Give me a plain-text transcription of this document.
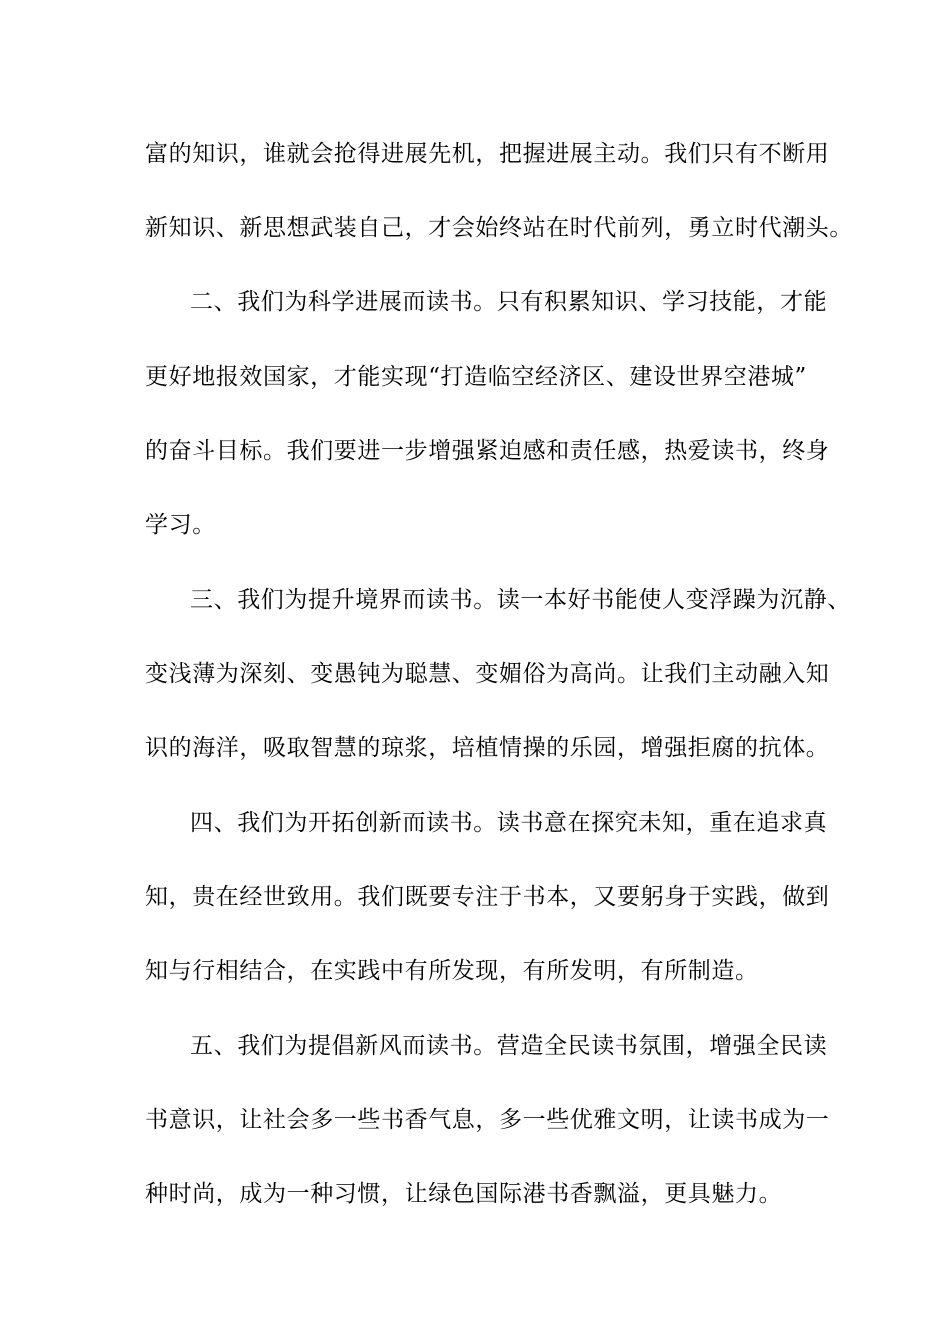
富的知识，谁就会抢得进展先机，把握进展主动。我们只有不断用
新知识、新思想武装自己，才会始终站在时代前列，勇立时代潮头。
二、我们为科学进展而读书。只有积累知识、学习技能，才能
更好地报效国家，才能实现“打造临空经济区、建设世界空港城”
的奋斗目标。我们要进一步增强紧迫感和责任感，热爱读书，终身
学习。
三、我们为提升境界而读书。读一本好书能使人变浮躁为沉静、
变浅薄为深刻、变愚钝为聪慧、变媚俗为高尚。让我们主动融入知
识的海洋，吸取智慧的琼浆，培植情操的乐园，增强拒腐的抗体。
四、我们为开拓创新而读书。读书意在探究未知，重在追求真
知，贵在经世致用。我们既要专注于书本，又要躬身于实践，做到
知与行相结合，在实践中有所发现，有所发明，有所制造。
五、我们为提倡新风而读书。营造全民读书氛围，增强全民读
书意识，让社会多一些书香气息，多一些优雅文明，让读书成为一
种时尚，成为一种习惯，让绿色国际港书香飘溢，更具魅力。
